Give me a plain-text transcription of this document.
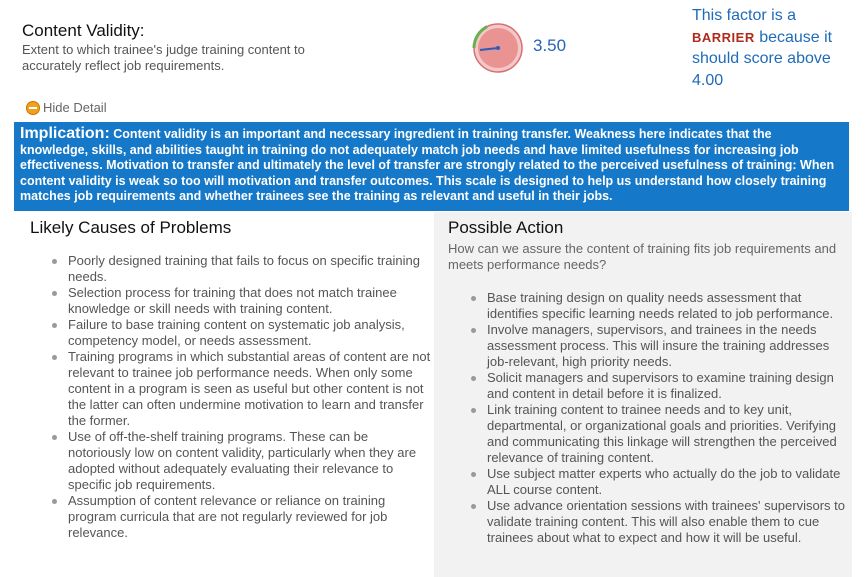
Content Validity:
Extent to which trainee's judge training content to accurately reflect job requirements.
3.50
This factor is a BARRIER because it should score above 4.00
Hide Detail
Implication: Content validity is an important and necessary ingredient in training transfer. Weakness here indicates that the knowledge, skills, and abilities taught in training do not adequately match job needs and have limited usefulness for increasing job effectiveness. Motivation to transfer and ultimately the level of transfer are strongly related to the perceived usefulness of training: When content validity is weak so too will motivation and transfer outcomes. This scale is designed to help us understand how closely training matches job requirements and whether trainees see the training as relevant and useful in their jobs.
Likely Causes of Problems
Poorly designed training that fails to focus on specific training needs.
Selection process for training that does not match trainee knowledge or skill needs with training content.
Failure to base training content on systematic job analysis, competency model, or needs assessment.
Training programs in which substantial areas of content are not relevant to trainee job performance needs. When only some content in a program is seen as useful but other content is not the latter can often undermine motivation to learn and transfer the former.
Use of off-the-shelf training programs. These can be notoriously low on content validity, particularly when they are adopted without adequately evaluating their relevance to specific job requirements.
Assumption of content relevance or reliance on training program curricula that are not regularly reviewed for job relevance.
Possible Action
How can we assure the content of training fits job requirements and meets performance needs?
Base training design on quality needs assessment that identifies specific learning needs related to job performance.
Involve managers, supervisors, and trainees in the needs assessment process. This will insure the training addresses job-relevant, high priority needs.
Solicit managers and supervisors to examine training design and content in detail before it is finalized.
Link training content to trainee needs and to key unit, departmental, or organizational goals and priorities. Verifying and communicating this linkage will strengthen the perceived relevance of training content.
Use subject matter experts who actually do the job to validate ALL course content.
Use advance orientation sessions with trainees' supervisors to validate training content. This will also enable them to cue trainees about what to expect and how it will be useful.
